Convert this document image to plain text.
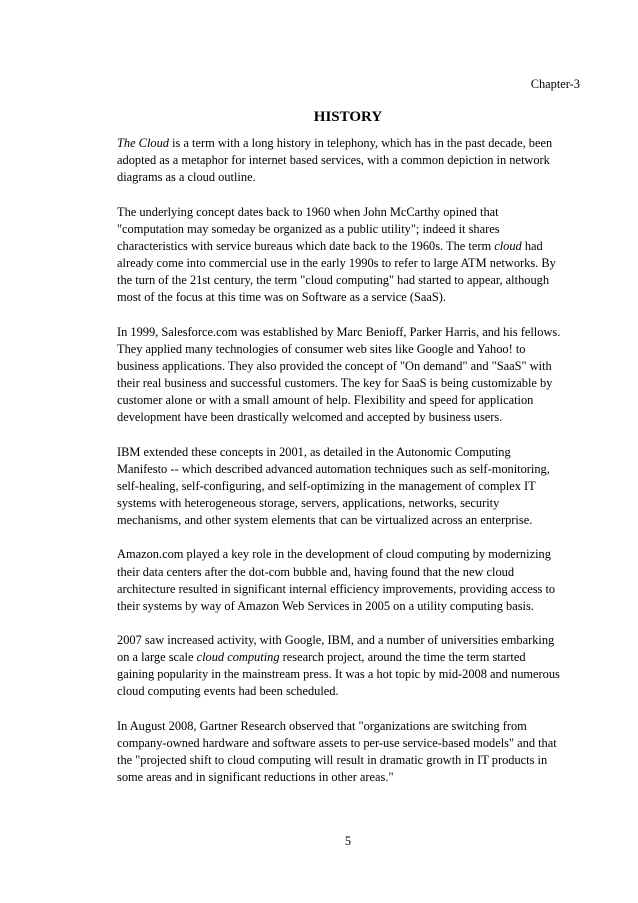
Chapter-3
HISTORY

The Cloud is a term with a long history in telephony, which has in the past decade, been
adopted as a metaphor for internet based services, with a common depiction in network
diagrams as a cloud outline.

The underlying concept dates back to 1960 when John McCarthy opined that
"computation may someday be organized as a public utility"; indeed it shares
characteristics with service bureaus which date back to the 1960s. The term cloud had
already come into commercial use in the early 1990s to refer to large ATM networks. By
the turn of the 21st century, the term "cloud computing" had started to appear, although
most of the focus at this time was on Software as a service (SaaS).

In 1999, Salesforce.com was established by Marc Benioff, Parker Harris, and his fellows.
They applied many technologies of consumer web sites like Google and Yahoo! to
business applications. They also provided the concept of "On demand" and "SaaS" with
their real business and successful customers. The key for SaaS is being customizable by
customer alone or with a small amount of help. Flexibility and speed for application
development have been drastically welcomed and accepted by business users.

IBM extended these concepts in 2001, as detailed in the Autonomic Computing
Manifesto -- which described advanced automation techniques such as self-monitoring,
self-healing, self-configuring, and self-optimizing in the management of complex IT
systems with heterogeneous storage, servers, applications, networks, security
mechanisms, and other system elements that can be virtualized across an enterprise.

Amazon.com played a key role in the development of cloud computing by modernizing
their data centers after the dot-com bubble and, having found that the new cloud
architecture resulted in significant internal efficiency improvements, providing access to
their systems by way of Amazon Web Services in 2005 on a utility computing basis.

2007 saw increased activity, with Google, IBM, and a number of universities embarking
on a large scale cloud computing research project, around the time the term started
gaining popularity in the mainstream press. It was a hot topic by mid-2008 and numerous
cloud computing events had been scheduled.

In August 2008, Gartner Research observed that "organizations are switching from
company-owned hardware and software assets to per-use service-based models" and that
the "projected shift to cloud computing will result in dramatic growth in IT products in
some areas and in significant reductions in other areas."

5
